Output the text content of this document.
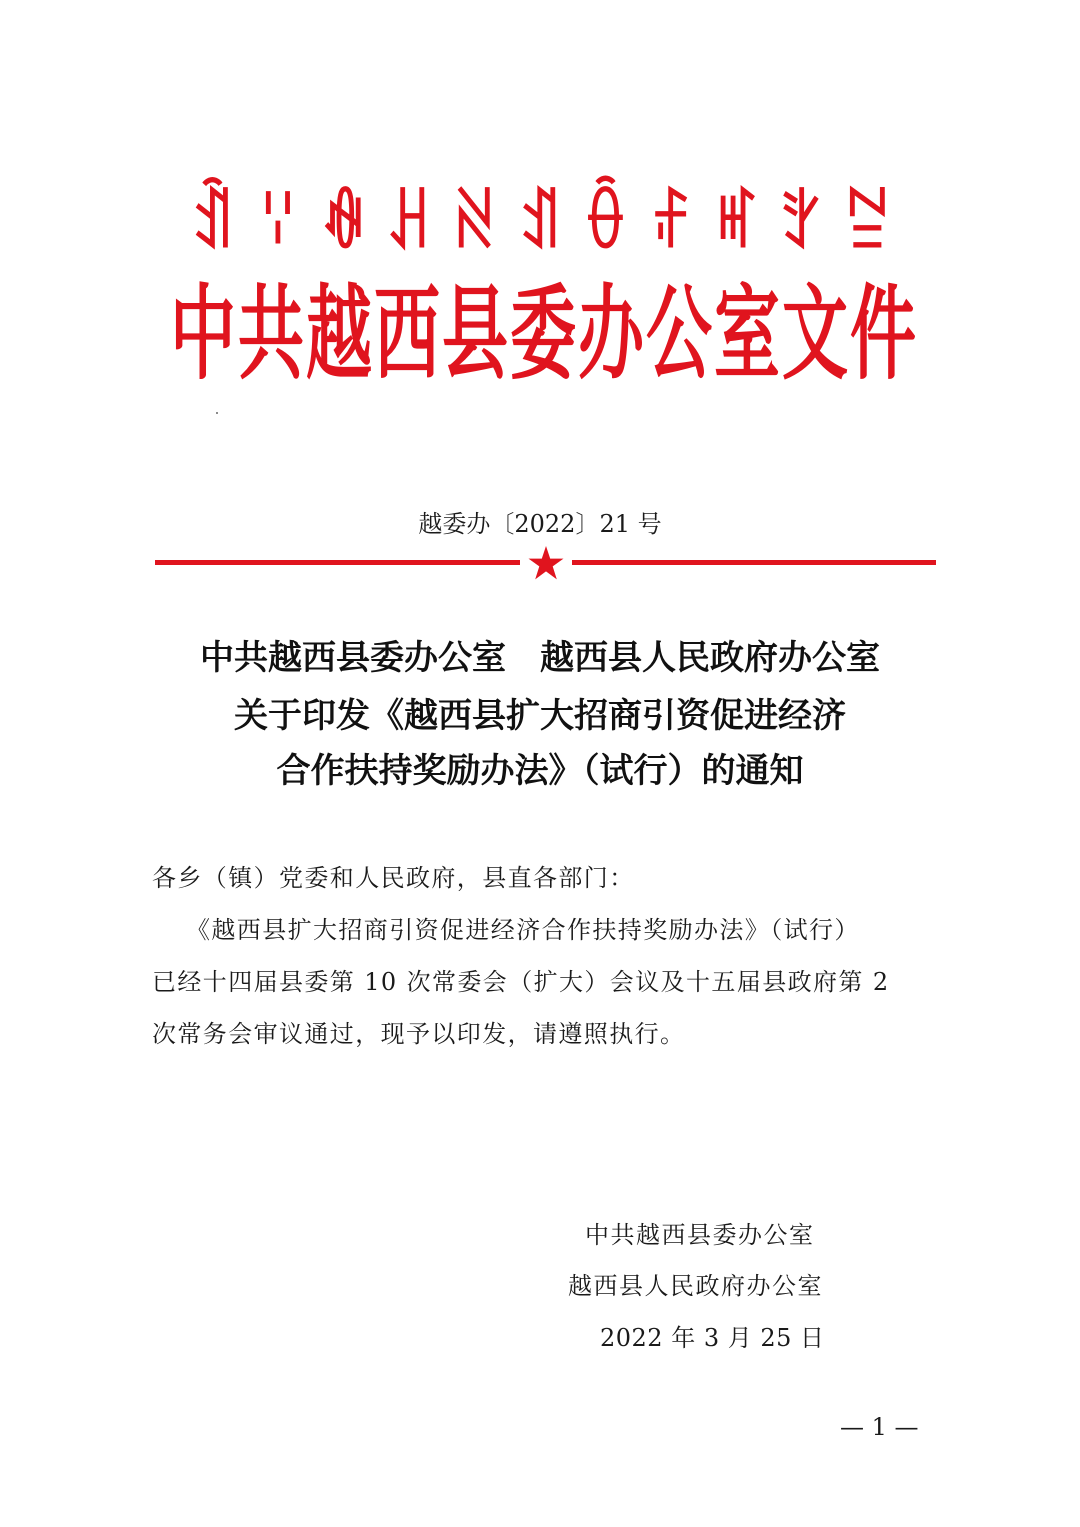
ꀉ ꈌ ꊿ ꃅ ꋊ ꀊ ꂶ ꄙ ꎭ ꇬ ꊂ
中共越西县委办公室文件
越委办〔2022〕21 号
中共越西县委办公室　越西县人民政府办公室
关于印发《越西县扩大招商引资促进经济
合作扶持奖励办法》（试行）的通知
各乡（镇）党委和人民政府，县直各部门：
《越西县扩大招商引资促进经济合作扶持奖励办法》（试行）
已经十四届县委第 10 次常委会（扩大）会议及十五届县政府第 2
次常务会审议通过，现予以印发，请遵照执行。
中共越西县委办公室
越西县人民政府办公室
2022 年 3 月 25 日
— 1 —
